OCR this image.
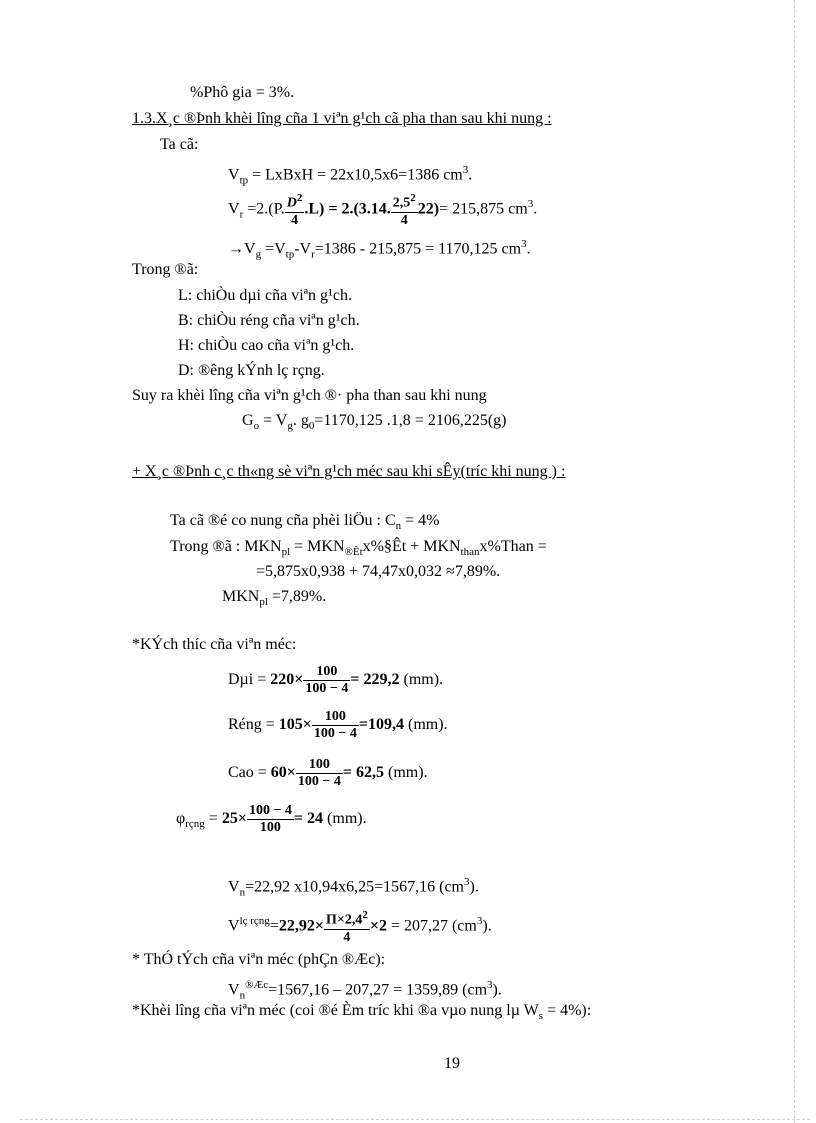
%Phô gia = 3%.
1.3.X¸c ®Þnh khèi lîng cña 1 viªn g¹ch cã pha than sau khi nung :
Ta cã:
$V_{tp}$ = LxBxH = 22x10,5x6=1386 $cm^3$.
$V_r =2.(P$. $\frac{D^2}{4} .L) = 2.(3.14$. $\frac{2,5^2}{4} 22)= 215,875$ $cm^3$.
$\to V_g =V_{tp}-V_r=1386 - 215,875 = 1170,125$ $cm^3$.
Trong ®ã:
L: chiÒu dµi cña viªn g¹ch.
B: chiÒu réng cña viªn g¹ch.
H: chiÒu cao cña viªn g¹ch.
D: ®êng kÝnh lç rçng.
Suy ra khèi lîng cña viªn g¹ch ®· pha than sau khi nung
$G_o = V_g$. $g_0=1170,125$ .1,8 = 2106,225(g)
+ X¸c ®Þnh c¸c th«ng sè viªn g¹ch méc sau khi sÊy(tríc khi nung ) :
Ta cã ®é co nung cña phèi liÖu : $C_n = 4\%$
Trong ®ã : $MKN_{pl}$ = $MKN_{®Êt}x\%\S Êt$ + $MKN_{than}x\%Than$ =
=5,875x0,938 + 74,47x0,032 ≈7,89%.
$MKN_{pl} =7,89\%$.
*KÝch thíc cña viªn méc:
$D\mu i = 220\times \frac{100}{100 - 4} = 229,2$ (mm).
Réng = $105\times \frac{100}{100 - 4} =109,4$ (mm).
Cao = $60\times \frac{100}{100 - 4} = 62,5$ (mm).
$\varphi_{rçng} = 25\times \frac{100 - 4}{100} = 24$ (mm).
$V_n=22,92$ x10,94x6,25=1567,16 $(cm^3)$.
$V^{lç rçng}=22,92\times \frac{\Pi\times 2,4^2}{4} \times 2 = 207,27$ $(cm^3)$.
* ThÓ tÝch cña viªn méc (phÇn ®Æc):
$V_n^{®Æc}=1567,16 - 207,27 = 1359,89$ $(cm^3)$.
*Khèi lîng cña viªn méc (coi ®é Èm tríc khi ®a vµo nung lµ $W_s = 4\%$):
19
